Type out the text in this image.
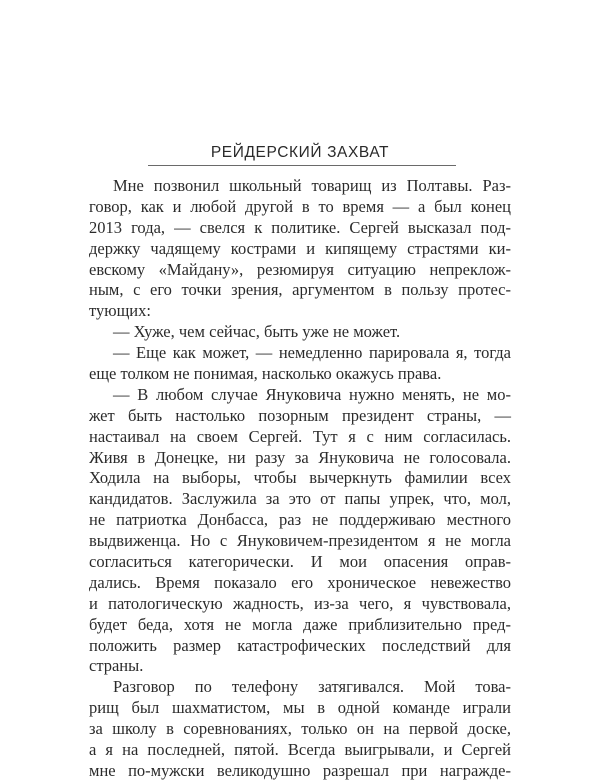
РЕЙДЕРСКИЙ ЗАХВАТ
Мне позвонил школьный товарищ из Полтавы. Раз-
говор, как и любой другой в то время — а был конец
2013 года, — свелся к политике. Сергей высказал под-
держку чадящему кострами и кипящему страстями ки-
евскому «Майдану», резюмируя ситуацию непреклож-
ным, с его точки зрения, аргументом в пользу протес-
тующих:
— Хуже, чем сейчас, быть уже не может.
— Еще как может, — немедленно парировала я, тогда
еще толком не понимая, насколько окажусь права.
— В любом случае Януковича нужно менять, не мо-
жет быть настолько позорным президент страны, —
настаивал на своем Сергей. Тут я с ним согласилась.
Живя в Донецке, ни разу за Януковича не голосовала.
Ходила на выборы, чтобы вычеркнуть фамилии всех
кандидатов. Заслужила за это от папы упрек, что, мол,
не патриотка Донбасса, раз не поддерживаю местного
выдвиженца. Но с Януковичем-президентом я не могла
согласиться категорически. И мои опасения оправ-
дались. Время показало его хроническое невежество
и патологическую жадность, из-за чего, я чувствовала,
будет беда, хотя не могла даже приблизительно пред-
положить размер катастрофических последствий для
страны.
Разговор по телефону затягивался. Мой това-
рищ был шахматистом, мы в одной команде играли
за школу в соревнованиях, только он на первой доске,
а я на последней, пятой. Всегда выигрывали, и Сергей
мне по-мужски великодушно разрешал при награжде-
